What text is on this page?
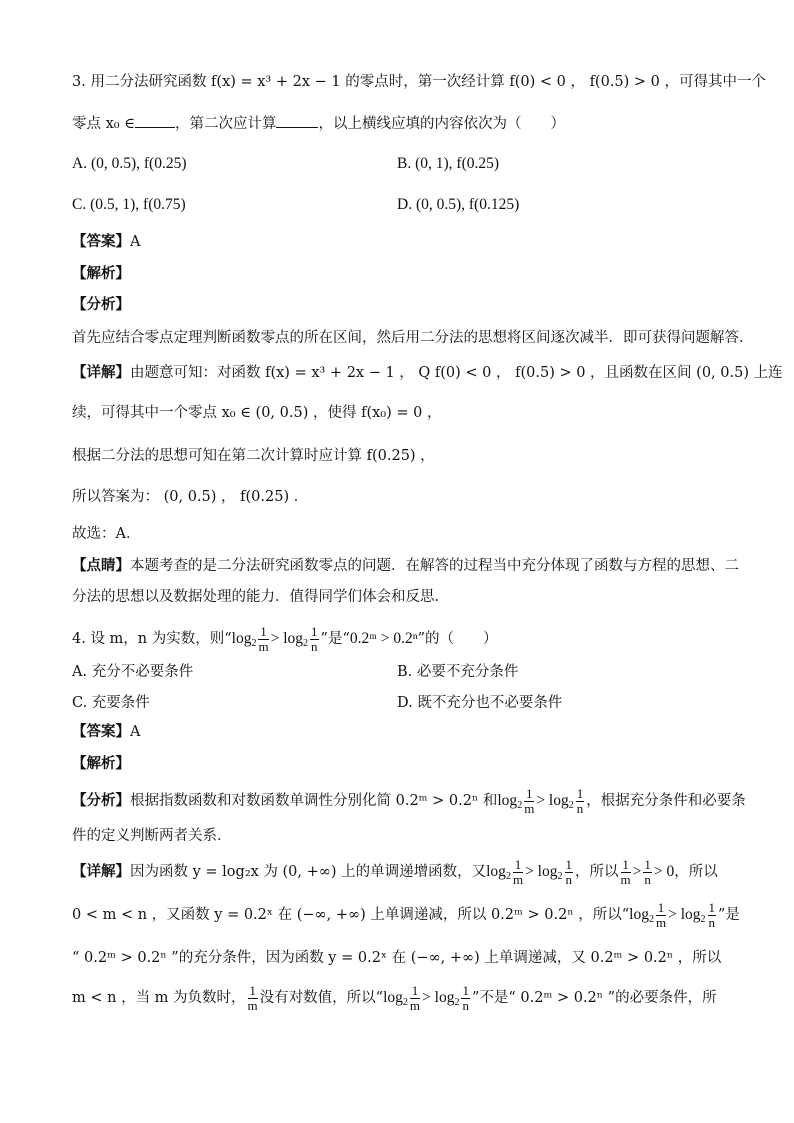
3. 用二分法研究函数 f(x) = x³ + 2x − 1 的零点时，第一次经计算 f(0) < 0 ， f(0.5) > 0 ，可得其中一个
零点 x₀ ∈	，第二次应计算	，以上横线应填的内容依次为（　　）
A. (0, 0.5), f(0.25)	B. (0, 1), f(0.25)
C. (0.5, 1), f(0.75)	D. (0, 0.5), f(0.125)
【答案】A
【解析】
【分析】
首先应结合零点定理判断函数零点的所在区间，然后用二分法的思想将区间逐次减半．即可获得问题解答．
【详解】由题意可知：对函数 f(x) = x³ + 2x − 1 ， Q f(0) < 0 ， f(0.5) > 0 ，且函数在区间 (0, 0.5) 上连
续，可得其中一个零点 x₀ ∈ (0, 0.5) ，使得 f(x₀) = 0 ，
根据二分法的思想可知在第二次计算时应计算 f(0.25) ，
所以答案为： (0, 0.5) ， f(0.25) ．
故选：A．
【点睛】本题考查的是二分法研究函数零点的问题．在解答的过程当中充分体现了函数与方程的思想、二
分法的思想以及数据处理的能力．值得同学们体会和反思．
4. 设 m，n 为实数，则“$\log_2 \frac{1}{m} > \log_2 \frac{1}{n}$ ”是“0.2ᵐ > 0.2ⁿ”的（　　）
A. 充分不必要条件	B. 必要不充分条件
C. 充要条件	D. 既不充分也不必要条件
【答案】A
【解析】
【分析】根据指数函数和对数函数单调性分别化简 0.2ᵐ > 0.2ⁿ 和$\log_2 \frac{1}{m} > \log_2 \frac{1}{n}$ ，根据充分条件和必要条
件的定义判断两者关系．
【详解】因为函数 y = log₂x 为 (0, +∞) 上的单调递增函数，又$\log_2 \frac{1}{m} > \log_2 \frac{1}{n}$ ，所以 $\frac{1}{m} > \frac{1}{n} > 0$，所以
0 < m < n ，又函数 y = 0.2ˣ 在 (−∞, +∞) 上单调递减，所以 0.2ᵐ > 0.2ⁿ ，所以“$\log_2 \frac{1}{m} > \log_2 \frac{1}{n}$ ”是
“ 0.2ᵐ > 0.2ⁿ ”的充分条件，因为函数 y = 0.2ˣ 在 (−∞, +∞) 上单调递减，又 0.2ᵐ > 0.2ⁿ ，所以
m < n ，当 m 为负数时， $\frac{1}{m}$ 没有对数值，所以“$\log_2 \frac{1}{m} > \log_2 \frac{1}{n}$ ”不是“ 0.2ᵐ > 0.2ⁿ ”的必要条件，所
